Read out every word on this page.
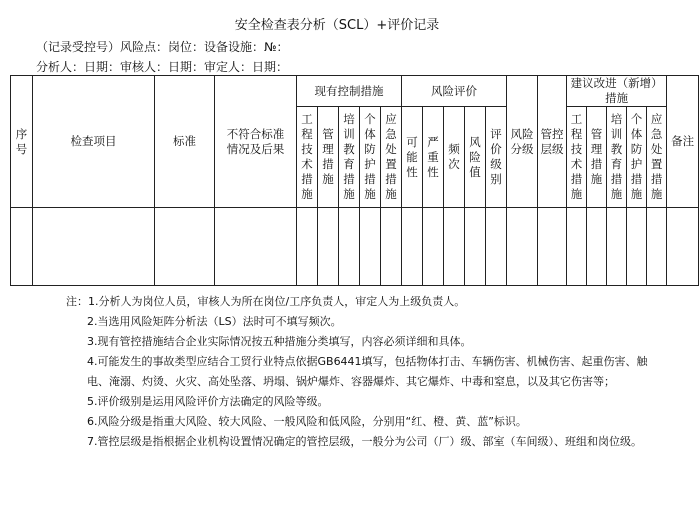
安全检查表分析（SCL）+评价记录
（记录受控号）风险点：岗位：设备设施：№：
分析人：日期：审核人：日期：审定人：日期：
序号	检查项目	标准	不符合标准情况及后果	现有控制措施					风险评价					风险分级	管控层级	建议改进（新增）措施					备注
				工程技术措施	管理措施	培训教育措施	个体防护措施	应急处置措施	可能性	严重性	频次	风险值	评价级别			工程技术措施	管理措施	培训教育措施	个体防护措施	应急处置措施	

注：1.分析人为岗位人员，审核人为所在岗位/工序负责人，审定人为上级负责人。

2.当选用风险矩阵分析法（LS）法时可不填写频次。

3.现有管控措施结合企业实际情况按五种措施分类填写，内容必须详细和具体。

4.可能发生的事故类型应结合工贸行业特点依据GB6441填写，包括物体打击、车辆伤害、机械伤害、起重伤害、触电、淹溺、灼烫、火灾、高处坠落、坍塌、锅炉爆炸、容器爆炸、其它爆炸、中毒和窒息，以及其它伤害等；

5.评价级别是运用风险评价方法确定的风险等级。

6.风险分级是指重大风险、较大风险、一般风险和低风险，分别用“红、橙、黄、蓝”标识。

7.管控层级是指根据企业机构设置情况确定的管控层级，一般分为公司（厂）级、部室（车间级）、班组和岗位级。
